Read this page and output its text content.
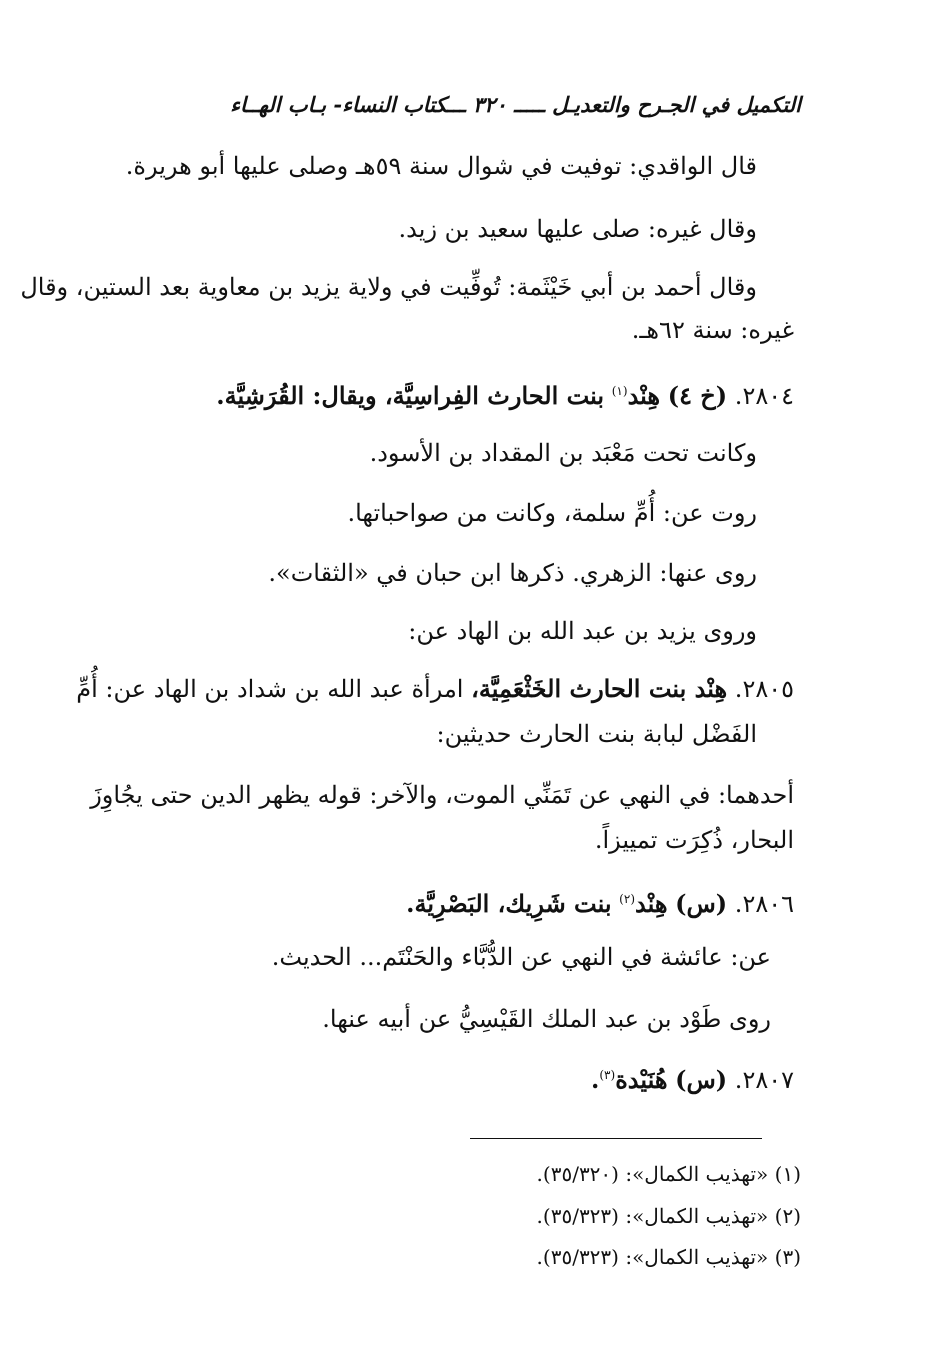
التكميل في الجـرح والتعديـل ـــــ ٣٢٠ ـــكتاب النساء- بـاب الهــاء
قال الواقدي: توفيت في شوال سنة ٥٩هـ وصلى عليها أبو هريرة.
وقال غيره: صلى عليها سعيد بن زيد.
وقال أحمد بن أبي خَيْثَمة: تُوفِّيت في ولاية يزيد بن معاوية بعد الستين، وقال
غيره: سنة ٦٢هـ.
٢٨٠٤. (خ ٤) هِنْد$^{(١)}$ بنت الحارث الفِراسِيَّة، ويقال: القُرَشِيَّة.
وكانت تحت مَعْبَد بن المقداد بن الأسود.
روت عن: أُمِّ سلمة، وكانت من صواحباتها.
روى عنها: الزهري. ذكرها ابن حبان في «الثقات».
وروى يزيد بن عبد الله بن الهاد عن:
٢٨٠٥. هِنْد بنت الحارث الخَثْعَمِيَّة، امرأة عبد الله بن شداد بن الهاد عن: أُمِّ
الفَضْل لبابة بنت الحارث حديثين:
أحدهما: في النهي عن تَمَنِّي الموت، والآخر: قوله يظهر الدين حتى يجُاوِزَ
البحار، ذُكِرَت تمييزاً.
٢٨٠٦. (س) هِنْد$^{(٢)}$ بنت شَرِيك، البَصْرِيَّة.
عن: عائشة في النهي عن الدُّبَّاء والحَنْتَم... الحديث.
روى طَوْد بن عبد الملك القَيْسِيُّ عن أبيه عنها.
٢٨٠٧. (س) هُنَيْدة$^{(٣)}$.
(١) «تهذيب الكمال»: (٣٥/٣٢٠).
(٢) «تهذيب الكمال»: (٣٥/٣٢٣).
(٣) «تهذيب الكمال»: (٣٥/٣٢٣).
